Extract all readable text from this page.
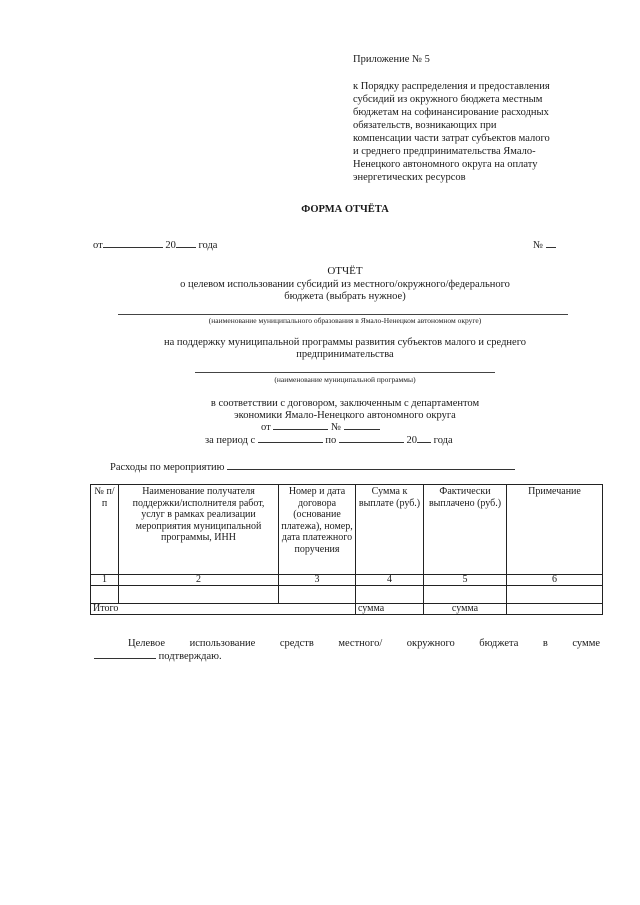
Приложение № 5
к Порядку распределения и предоставления
субсидий из окружного бюджета местным
бюджетам на софинансирование расходных
обязательств, возникающих при
компенсации части затрат субъектов малого
и среднего предпринимательства Ямало-
Ненецкого автономного округа на оплату
энергетических ресурсов
ФОРМА ОТЧЁТА
от	20 года	№
ОТЧЁТ
о целевом использовании субсидий из местного/окружного/федерального
бюджета (выбрать нужное)
(наименование муниципального образования в Ямало-Ненецком автономном округе)
на поддержку муниципальной программы развития субъектов малого и среднего
предпринимательства
(наименование муниципальной программы)
в соответствии с договором, заключенным с департаментом
экономики Ямало-Ненецкого автономного округа
от	№
за период с	по	20 года
Расходы по мероприятию
№ п/п	Наименование получателя поддержки/исполнителя работ, услуг в рамках реализации мероприятия муниципальной программы, ИНН	Номер и дата договора (основание платежа), номер, дата платежного поручения	Сумма к выплате (руб.)	Фактически выплачено (руб.)	Примечание
1	2	3	4	5	6

Итого			сумма	сумма	
Целевое использование средств местного/ окружного бюджета в сумме
подтверждаю.
